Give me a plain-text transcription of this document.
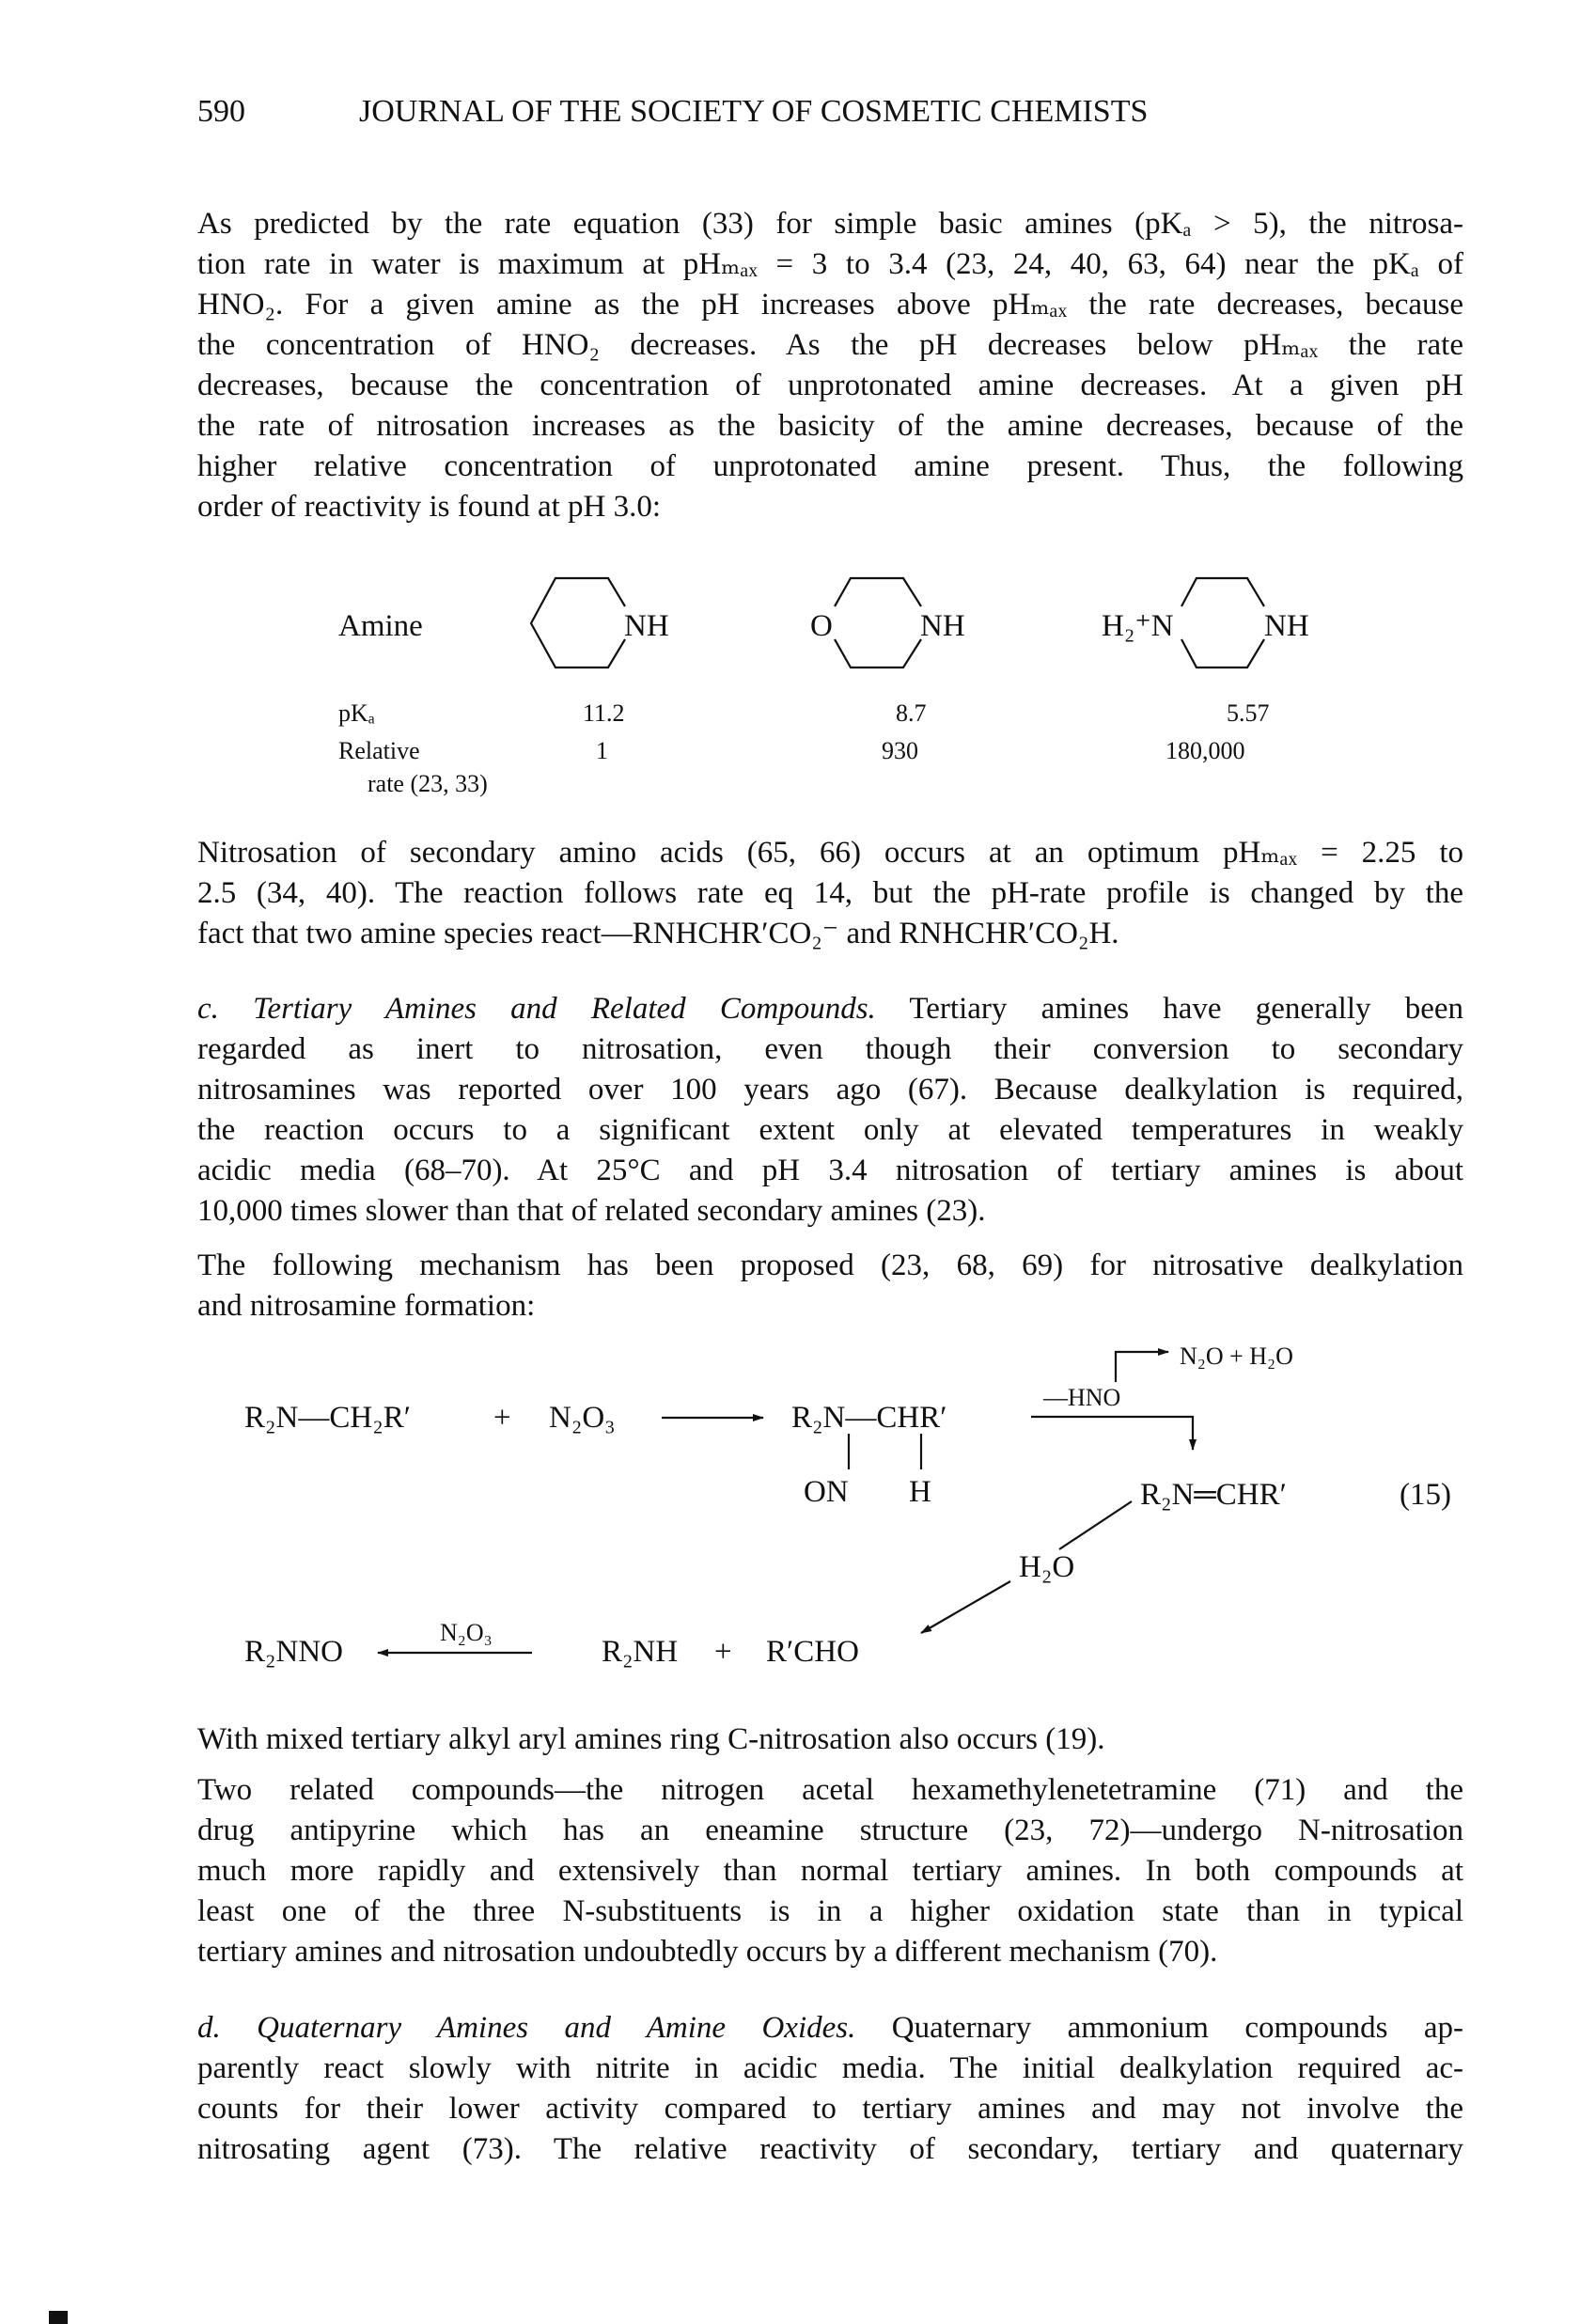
590	JOURNAL OF THE SOCIETY OF COSMETIC CHEMISTS
As predicted by the rate equation (33) for simple basic amines (pKₐ > 5), the nitrosa-
tion rate in water is maximum at pHₘₐₓ = 3 to 3.4 (23, 24, 40, 63, 64) near the pKₐ of
HNO₂. For a given amine as the pH increases above pHₘₐₓ the rate decreases, because
the concentration of HNO₂ decreases. As the pH decreases below pHₘₐₓ the rate
decreases, because the concentration of unprotonated amine decreases. At a given pH
the rate of nitrosation increases as the basicity of the amine decreases, because of the
higher relative concentration of unprotonated amine present. Thus, the following
order of reactivity is found at pH 3.0:
Amine	NH	O	NH	H₂⁺N	NH
pKₐ	11.2	8.7	5.57
Relative	1	930	180,000
rate (23, 33)
Nitrosation of secondary amino acids (65, 66) occurs at an optimum pHₘₐₓ = 2.25 to
2.5 (34, 40). The reaction follows rate eq 14, but the pH-rate profile is changed by the
fact that two amine species react—RNHCHR′CO₂⁻ and RNHCHR′CO₂H.
c. Tertiary Amines and Related Compounds. Tertiary amines have generally been
regarded as inert to nitrosation, even though their conversion to secondary
nitrosamines was reported over 100 years ago (67). Because dealkylation is required,
the reaction occurs to a significant extent only at elevated temperatures in weakly
acidic media (68–70). At 25°C and pH 3.4 nitrosation of tertiary amines is about
10,000 times slower than that of related secondary amines (23).
The following mechanism has been proposed (23, 68, 69) for nitrosative dealkylation
and nitrosamine formation:
R₂N—CH₂R′	+ N₂O₃	R₂N—CHR′
ON H
—HNO
N₂O + H₂O
R₂N═CHR′	(15)
H₂O
R₂NNO
N₂O₃
R₂NH + R′CHO
With mixed tertiary alkyl aryl amines ring C-nitrosation also occurs (19).
Two related compounds—the nitrogen acetal hexamethylenetetramine (71) and the
drug antipyrine which has an eneamine structure (23, 72)—undergo N-nitrosation
much more rapidly and extensively than normal tertiary amines. In both compounds at
least one of the three N-substituents is in a higher oxidation state than in typical
tertiary amines and nitrosation undoubtedly occurs by a different mechanism (70).
d. Quaternary Amines and Amine Oxides. Quaternary ammonium compounds ap-
parently react slowly with nitrite in acidic media. The initial dealkylation required ac-
counts for their lower activity compared to tertiary amines and may not involve the
nitrosating agent (73). The relative reactivity of secondary, tertiary and quaternary
